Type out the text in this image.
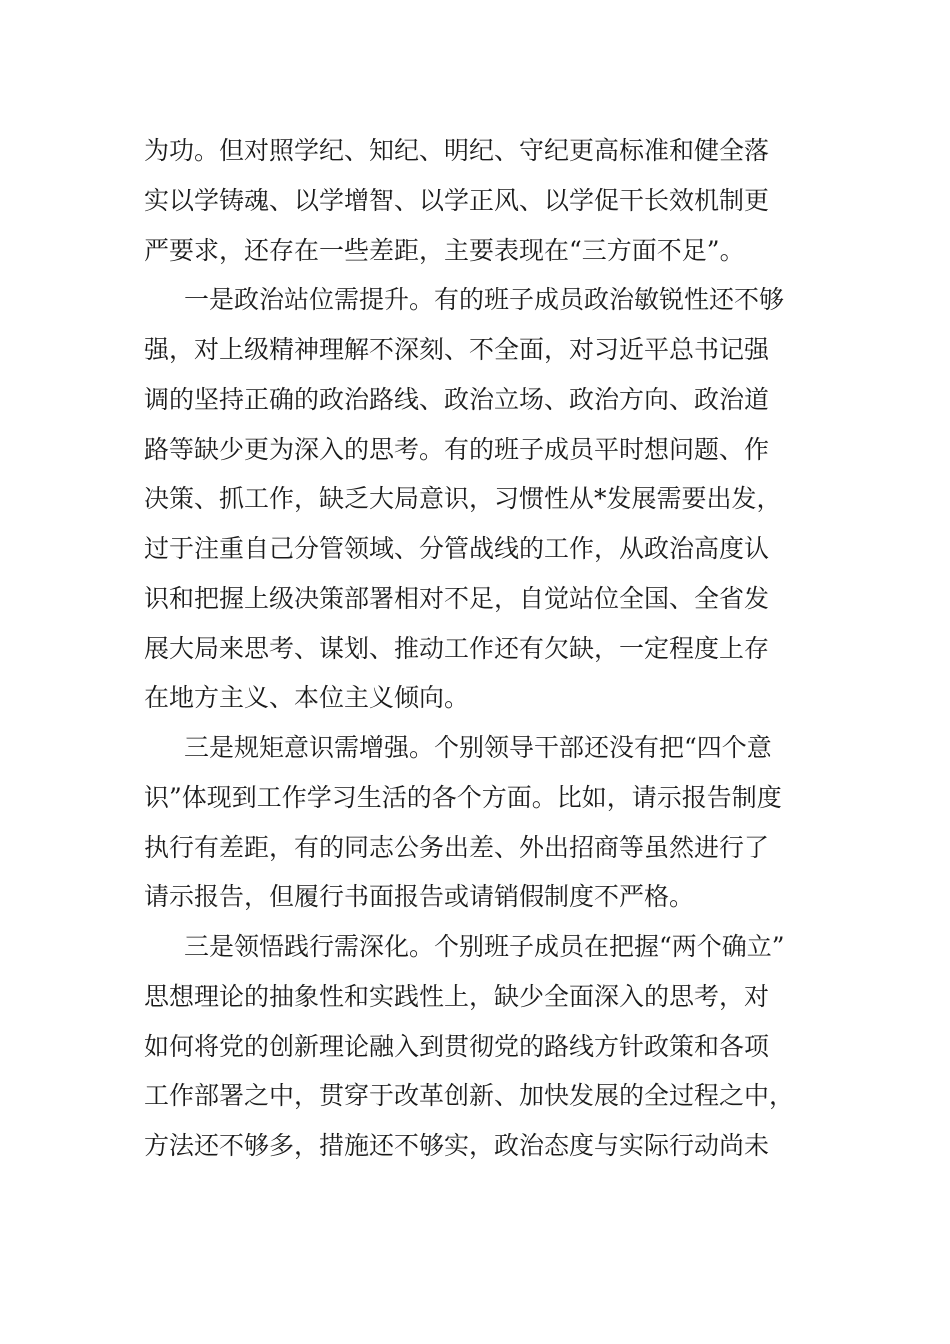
为功。但对照学纪、知纪、明纪、守纪更高标准和健全落
实以学铸魂、以学增智、以学正风、以学促干长效机制更
严要求，还存在一些差距，主要表现在“三方面不足”。
一是政治站位需提升。有的班子成员政治敏锐性还不够
强，对上级精神理解不深刻、不全面，对习近平总书记强
调的坚持正确的政治路线、政治立场、政治方向、政治道
路等缺少更为深入的思考。有的班子成员平时想问题、作
决策、抓工作，缺乏大局意识，习惯性从*发展需要出发，
过于注重自己分管领域、分管战线的工作，从政治高度认
识和把握上级决策部署相对不足，自觉站位全国、全省发
展大局来思考、谋划、推动工作还有欠缺，一定程度上存
在地方主义、本位主义倾向。
三是规矩意识需增强。个别领导干部还没有把“四个意
识”体现到工作学习生活的各个方面。比如，请示报告制度
执行有差距，有的同志公务出差、外出招商等虽然进行了
请示报告，但履行书面报告或请销假制度不严格。
三是领悟践行需深化。个别班子成员在把握“两个确立”
思想理论的抽象性和实践性上，缺少全面深入的思考，对
如何将党的创新理论融入到贯彻党的路线方针政策和各项
工作部署之中，贯穿于改革创新、加快发展的全过程之中，
方法还不够多，措施还不够实，政治态度与实际行动尚未
